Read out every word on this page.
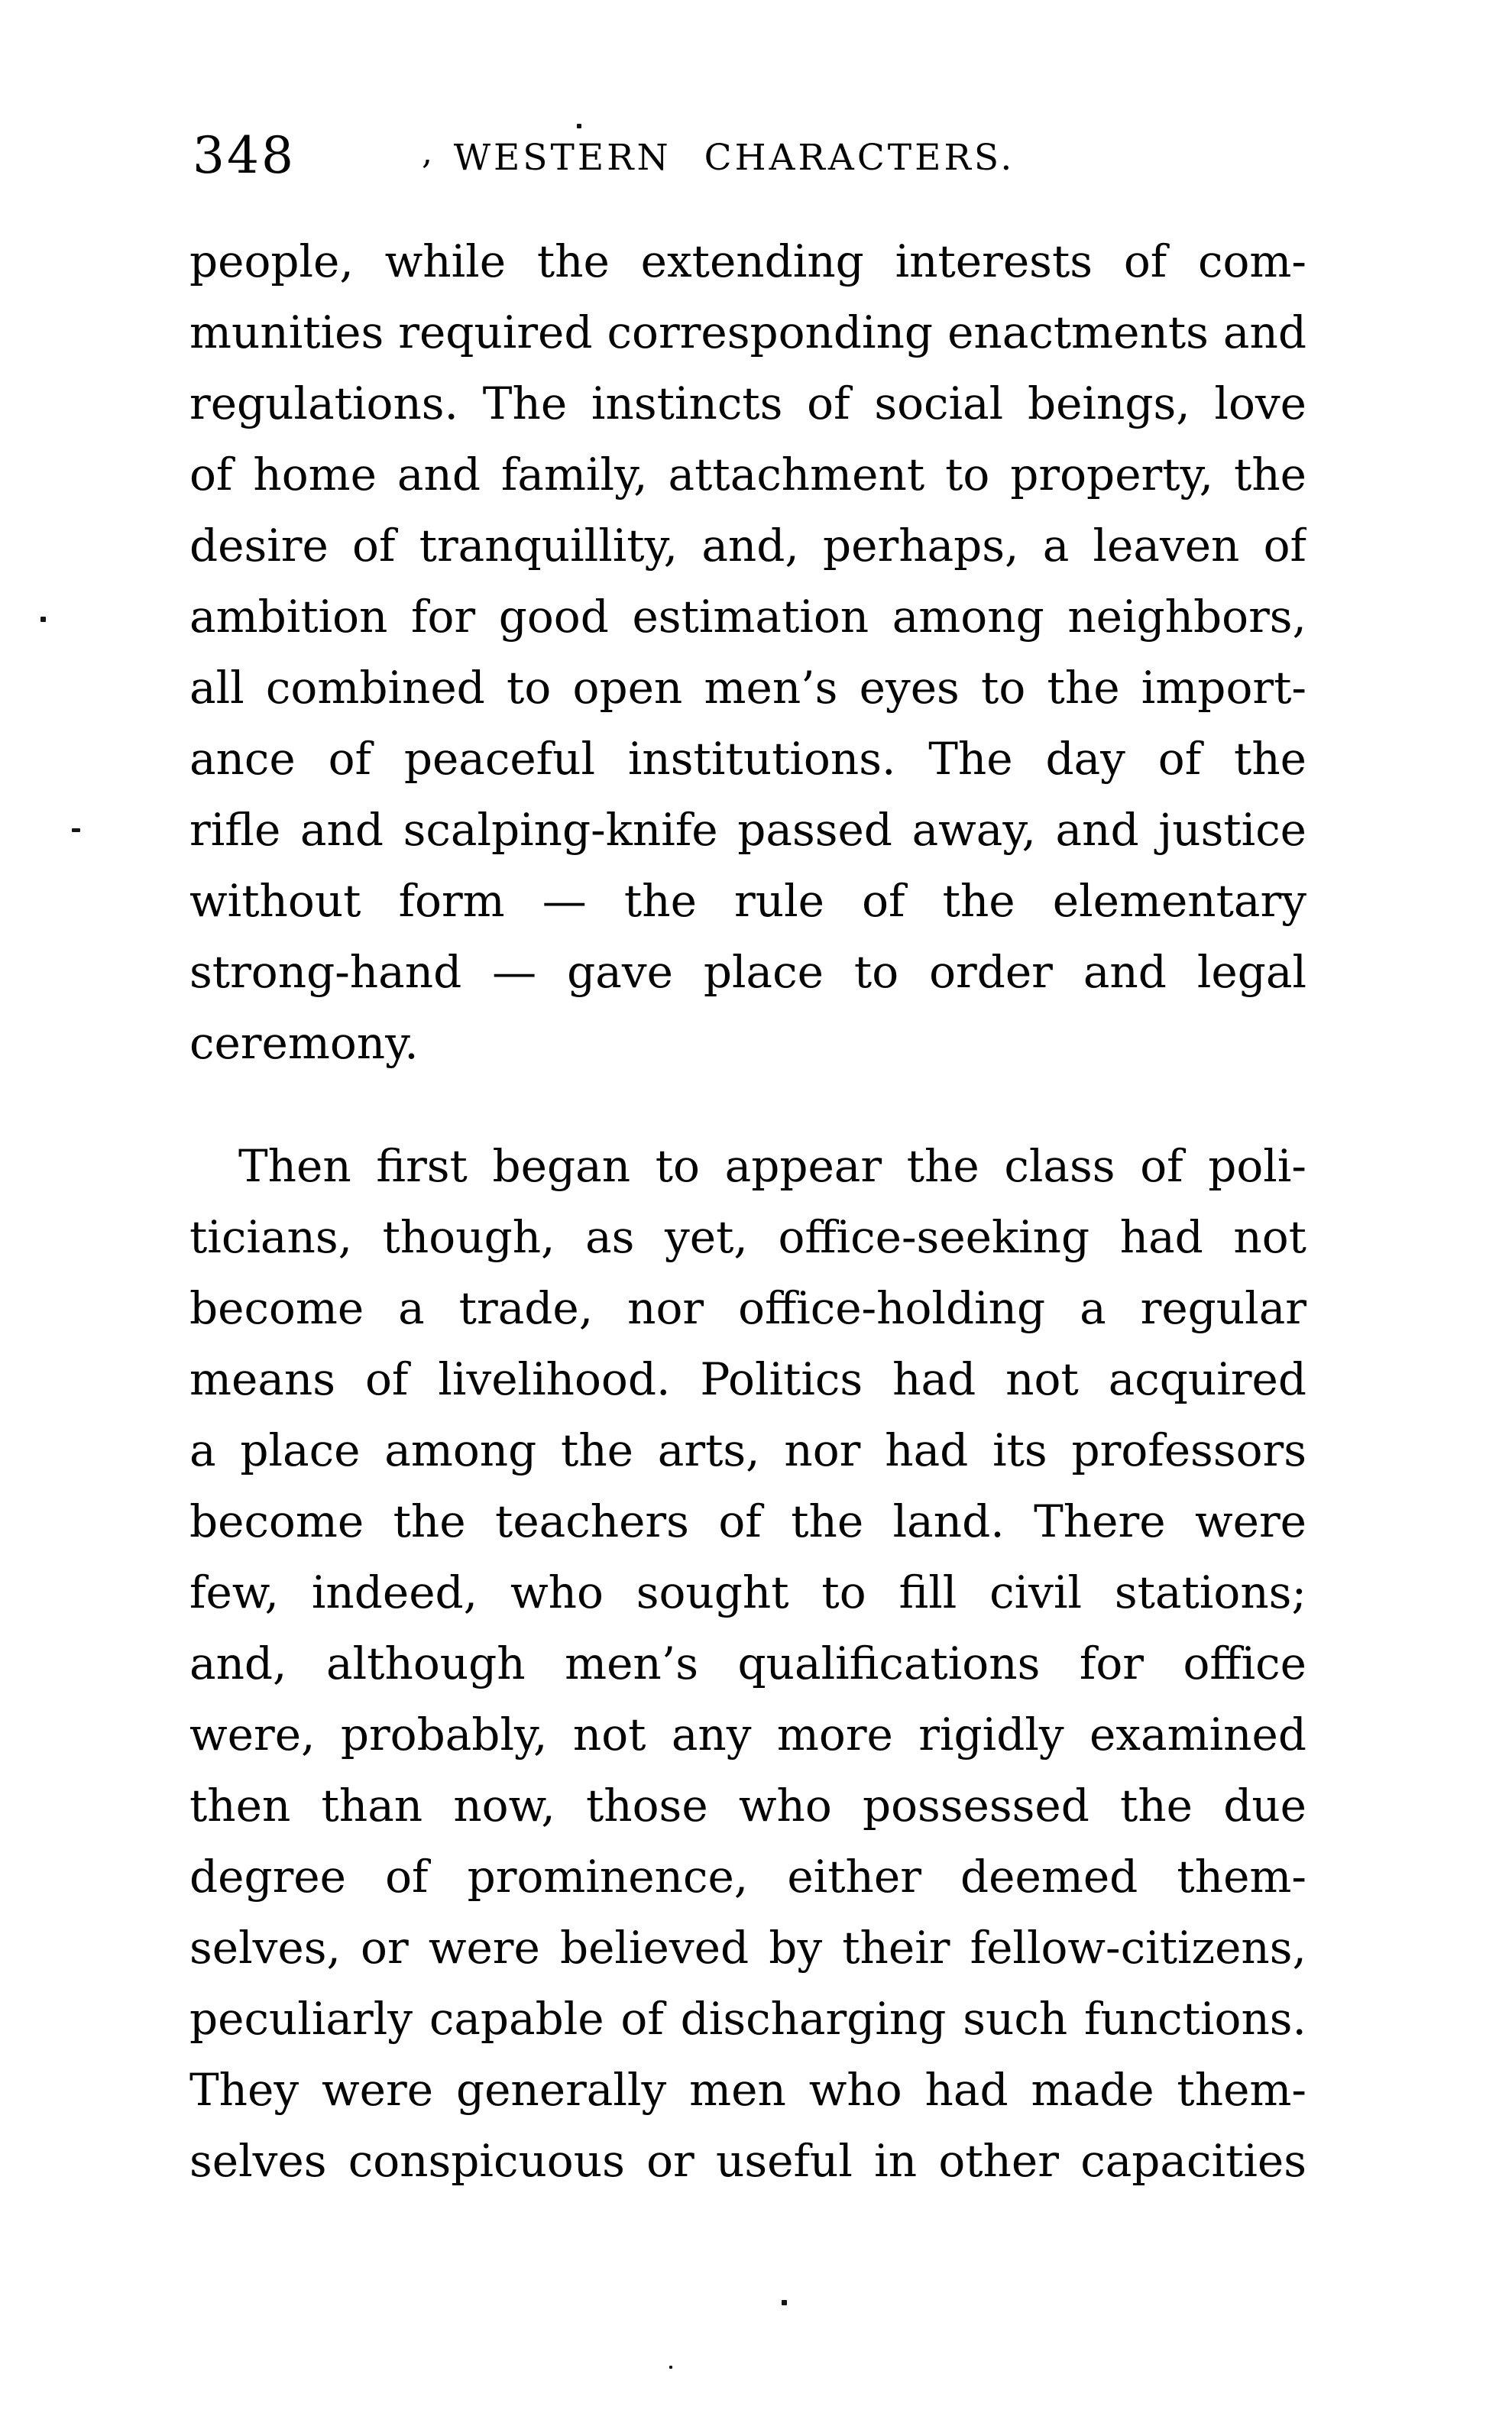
348	, WESTERN CHARACTERS.
people, while the extending interests of com-
munities required corresponding enactments and
regulations. The instincts of social beings, love
of home and family, attachment to property, the
desire of tranquillity, and, perhaps, a leaven of
ambition for good estimation among neighbors,
all combined to open men’s eyes to the import-
ance of peaceful institutions. The day of the
rifle and scalping-knife passed away, and justice
without form — the rule of the elementary
strong-hand — gave place to order and legal
ceremony.
Then first began to appear the class of poli-
ticians, though, as yet, office-seeking had not
become a trade, nor office-holding a regular
means of livelihood. Politics had not acquired
a place among the arts, nor had its professors
become the teachers of the land. There were
few, indeed, who sought to fill civil stations;
and, although men’s qualifications for office
were, probably, not any more rigidly examined
then than now, those who possessed the due
degree of prominence, either deemed them-
selves, or were believed by their fellow-citizens,
peculiarly capable of discharging such functions.
They were generally men who had made them-
selves conspicuous or useful in other capacities
